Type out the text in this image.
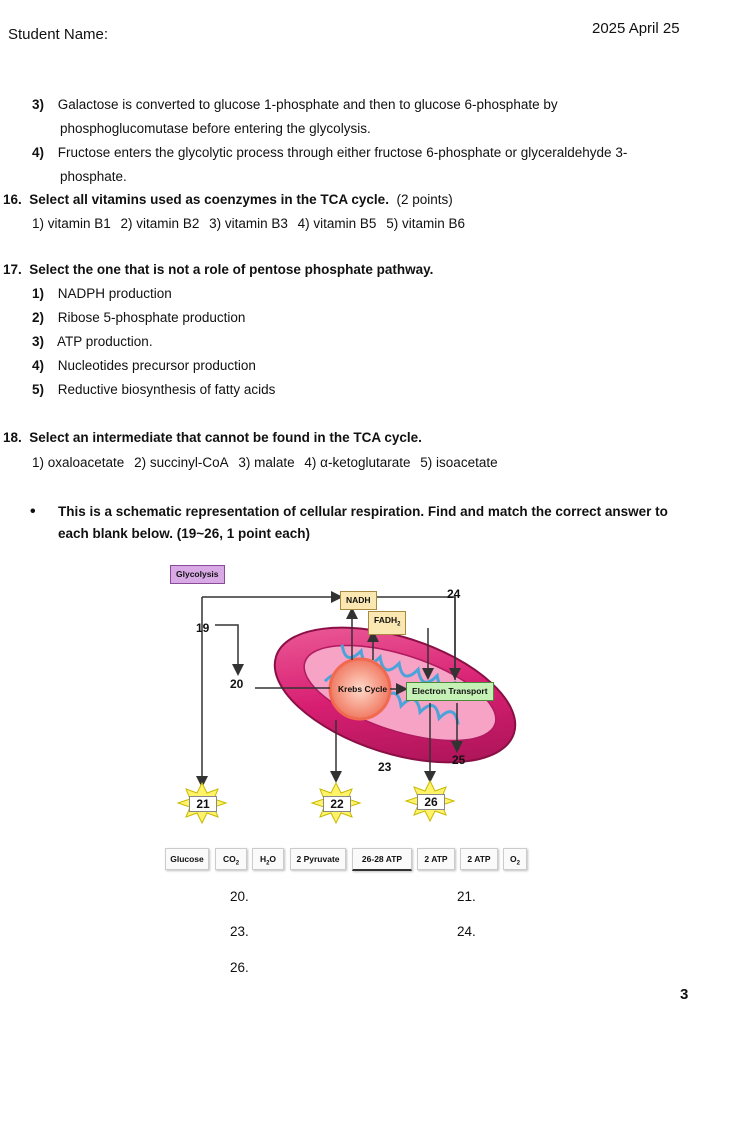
Student Name:	2025 April 25
3) Galactose is converted to glucose 1-phosphate and then to glucose 6-phosphate by
phosphoglucomutase before entering the glycolysis.
4) Fructose enters the glycolytic process through either fructose 6-phosphate or glyceraldehyde 3-
phosphate.
16. Select all vitamins used as coenzymes in the TCA cycle. (2 points)
1) vitamin B1 2) vitamin B2 3) vitamin B3 4) vitamin B5 5) vitamin B6
17. Select the one that is not a role of pentose phosphate pathway.
1) NADPH production
2) Ribose 5-phosphate production
3) ATP production.
4) Nucleotides precursor production
5) Reductive biosynthesis of fatty acids
18. Select an intermediate that cannot be found in the TCA cycle.
1) oxaloacetate 2) succinyl-CoA 3) malate 4) α-ketoglutarate 5) isoacetate
• This is a schematic representation of cellular respiration. Find and match the correct answer to
each blank below. (19~26, 1 point each)
Glycolysis
NADH
$FADH_2$
Krebs Cycle	Electron Transport
19
20
23
24
25
21	22	26
Glucose	$CO_2$	$H_2O$	2 Pyruvate	26-28 ATP	2 ATP	2 ATP	$O_2$
20.	21.
23.	24.
26.
3
